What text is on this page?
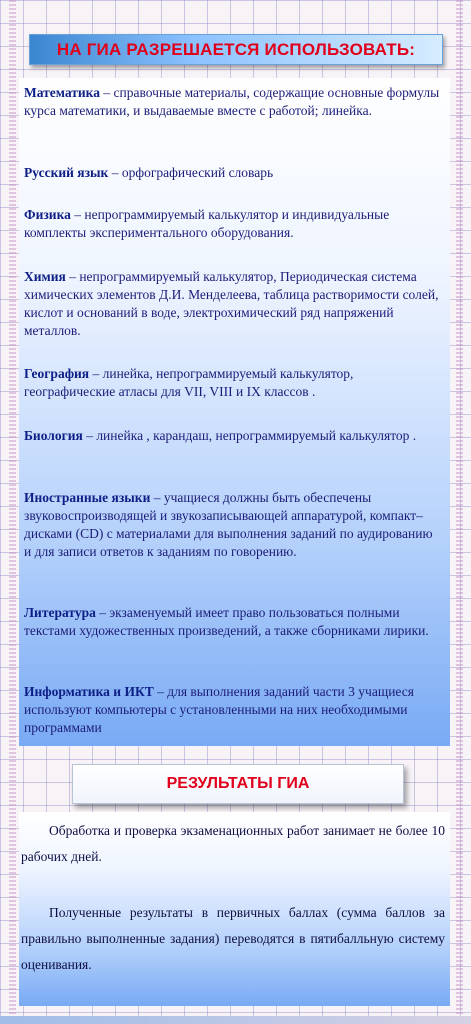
НА ГИА РАЗРЕШАЕТСЯ ИСПОЛЬЗОВАТЬ:

Математика – справочные материалы, содержащие основные формулы курса математики, и выдаваемые вместе с работой; линейка.

Русский язык – орфографический словарь

Физика – непрограммируемый калькулятор и индивидуальные комплекты экспериментального оборудования.

Химия – непрограммируемый калькулятор, Периодическая система химических элементов Д.И. Менделеева, таблица растворимости солей, кислот и оснований в воде, электрохимический ряд напряжений металлов.

География – линейка, непрограммируемый калькулятор, географические атласы для VII, VIII и IX классов .

Биология – линейка , карандаш, непрограммируемый калькулятор .

Иностранные языки – учащиеся должны быть обеспечены звуковоспроизводящей и звукозаписывающей аппаратурой, компакт–дисками (CD) с материалами для выполнения заданий по аудированию и для записи ответов к заданиям по говорению.

Литература – экзаменуемый имеет право пользоваться полными текстами художественных произведений, а также сборниками лирики.

Информатика и ИКТ – для выполнения заданий части 3 учащиеся используют компьютеры с установленными на них необходимыми программами

РЕЗУЛЬТАТЫ ГИА

Обработка и проверка экзаменационных работ занимает не более 10 рабочих дней.

Полученные результаты в первичных баллах (сумма баллов за правильно выполненные задания) переводятся в пятибалльную систему оценивания.
